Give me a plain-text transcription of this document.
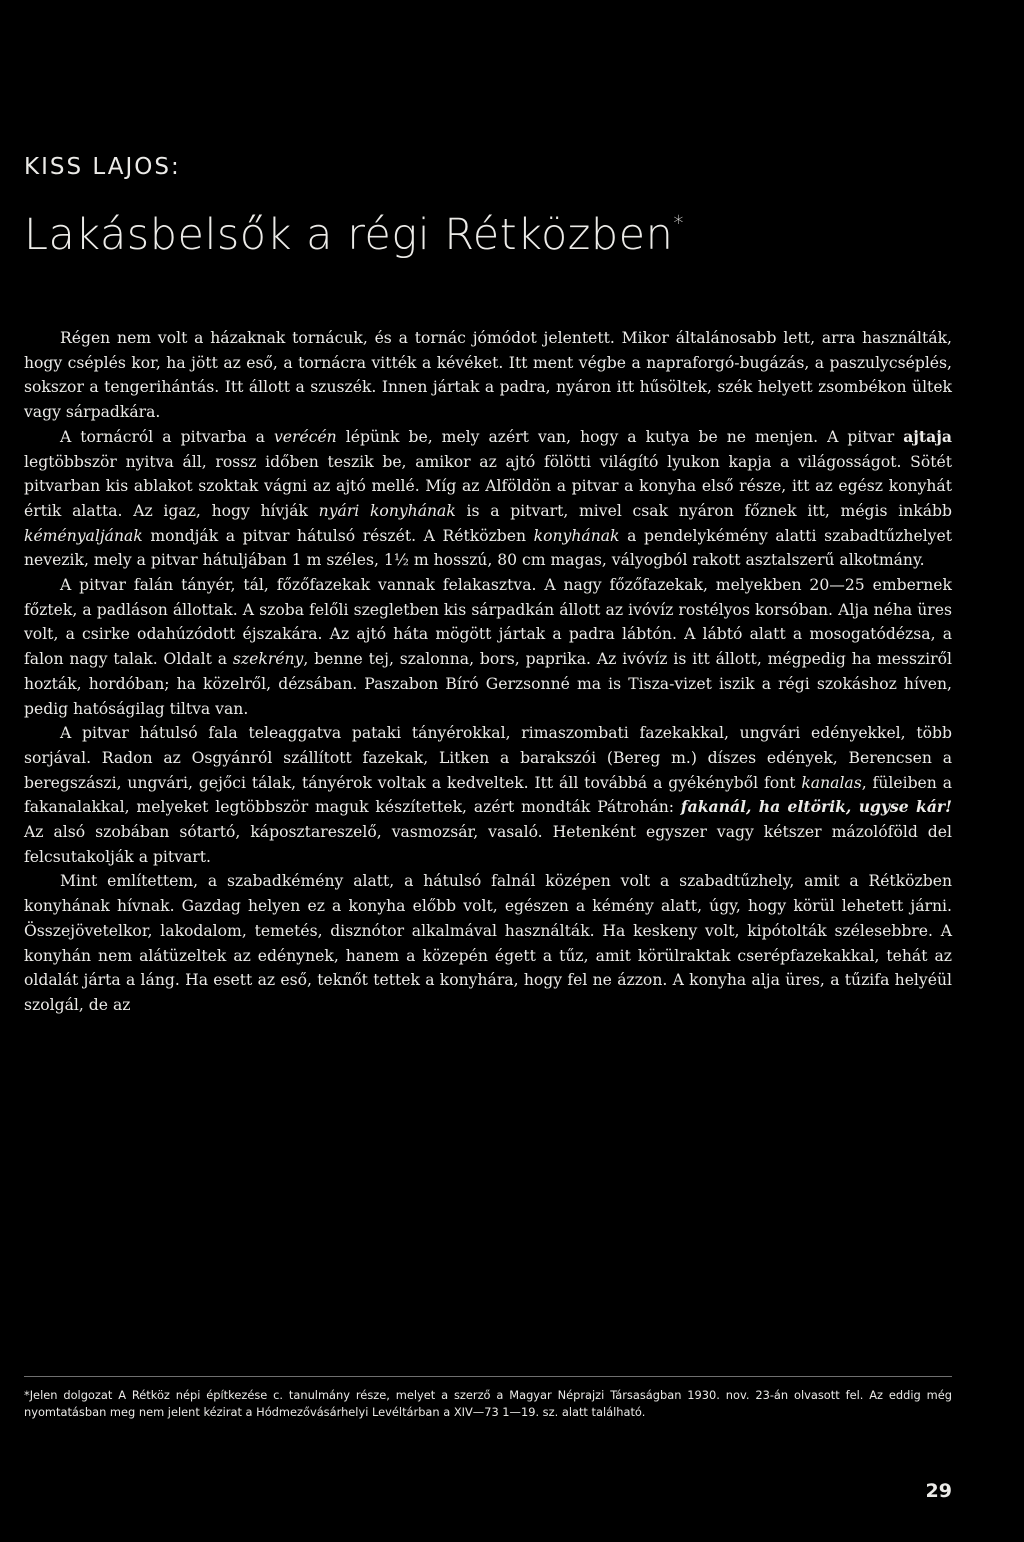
KISS LAJOS:
Lakásbelsők a régi Rétközben*

Régen nem volt a házaknak tornácuk, és a tornác jómódot jelentett. Mikor általánosabb lett, arra használták, hogy cséplés kor, ha jött az eső, a tornácra vitték a kévéket. Itt ment végbe a napraforgó-bugázás, a paszulycséplés, sokszor a tengerihántás. Itt állott a szuszék. Innen jártak a padra, nyáron itt hűsöltek, szék helyett zsombékon ültek vagy sárpadkára.

A tornácról a pitvarba a verécén lépünk be, mely azért van, hogy a kutya be ne menjen. A pitvar ajtaja legtöbbször nyitva áll, rossz időben teszik be, amikor az ajtó fölötti világító lyukon kapja a világosságot. Sötét pitvarban kis ablakot szoktak vágni az ajtó mellé. Míg az Alföldön a pitvar a konyha első része, itt az egész konyhát értik alatta. Az igaz, hogy hívják nyári konyhának is a pitvart, mivel csak nyáron főznek itt, mégis inkább kéményaljának mondják a pitvar hátulsó részét. A Rétközben konyhának a pendelykémény alatti szabadtűzhelyet nevezik, mely a pitvar hátuljában 1 m széles, 1½ m hosszú, 80 cm magas, vályogból rakott asztalszerű alkotmány.

A pitvar falán tányér, tál, főzőfazekak vannak felakasztva. A nagy főzőfazekak, melyekben 20—25 embernek főztek, a padláson állottak. A szoba felőli szegletben kis sárpadkán állott az ivóvíz rostélyos korsóban. Alja néha üres volt, a csirke odahúzódott éjszakára. Az ajtó háta mögött jártak a padra lábtón. A lábtó alatt a mosogatódézsa, a falon nagy talak. Oldalt a szekrény, benne tej, szalonna, bors, paprika. Az ivóvíz is itt állott, mégpedig ha messziről hozták, hordóban; ha közelről, dézsában. Paszabon Bíró Gerzsonné ma is Tisza-vizet iszik a régi szokáshoz híven, pedig hatóságilag tiltva van.

A pitvar hátulsó fala teleaggatva pataki tányérokkal, rimaszombati fazekakkal, ungvári edényekkel, több sorjával. Radon az Osgyánról szállított fazekak, Litken a barakszói (Bereg m.) díszes edények, Berencsen a beregszászi, ungvári, gejőci tálak, tányérok voltak a kedveltek. Itt áll továbbá a gyékényből font kanalas, füleiben a fakanalakkal, melyeket legtöbbször maguk készítettek, azért mondták Pátrohán: fakanál, ha eltörik, ugyse kár! Az alsó szobában sótartó, káposztareszelő, vasmozsár, vasaló. Hetenként egyszer vagy kétszer mázolóföld del felcsutakolják a pitvart.

Mint említettem, a szabadkémény alatt, a hátulsó falnál középen volt a szabadtűzhely, amit a Rétközben konyhának hívnak. Gazdag helyen ez a konyha előbb volt, egészen a kémény alatt, úgy, hogy körül lehetett járni. Összejövetelkor, lakodalom, temetés, disznótor alkalmával használták. Ha keskeny volt, kipótolták szélesebbre. A konyhán nem alátüzeltek az edénynek, hanem a közepén égett a tűz, amit körülraktak cserépfazekakkal, tehát az oldalát járta a láng. Ha esett az eső, teknőt tettek a konyhára, hogy fel ne ázzon. A konyha alja üres, a tűzifa helyéül szolgál, de az

*Jelen dolgozat A Rétköz népi építkezése c. tanulmány része, melyet a szerző a Magyar Néprajzi Társaságban 1930. nov. 23-án olvasott fel. Az eddig még nyomtatásban meg nem jelent kézirat a Hódmezővásárhelyi Levéltárban a XIV—73 1—19. sz. alatt található.
29
